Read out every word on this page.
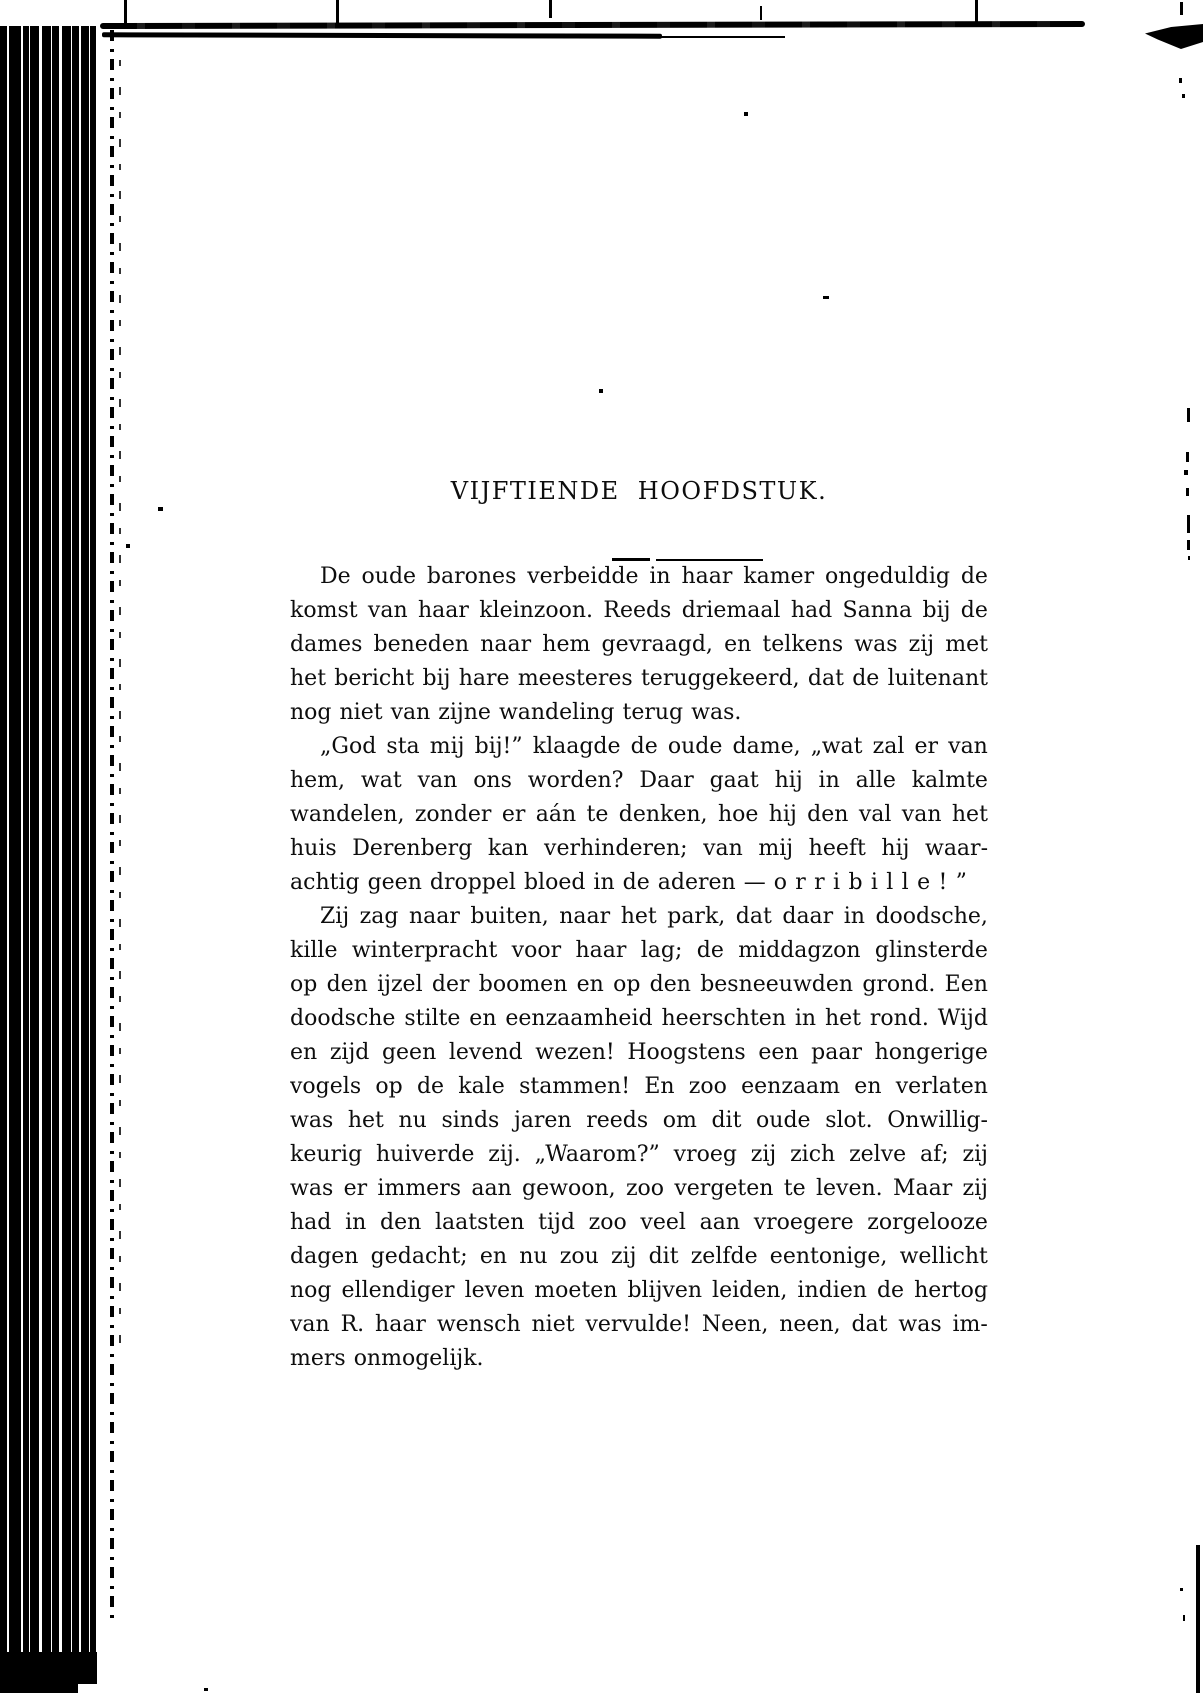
VIJFTIENDE HOOFDSTUK.
De oude barones verbeidde in haar kamer ongeduldig de
komst van haar kleinzoon. Reeds driemaal had Sanna bij de
dames beneden naar hem gevraagd, en telkens was zij met
het bericht bij hare meesteres teruggekeerd, dat de luitenant
nog niet van zijne wandeling terug was.
„God sta mij bij!” klaagde de oude dame, „wat zal er van
hem, wat van ons worden? Daar gaat hij in alle kalmte
wandelen, zonder er aán te denken, hoe hij den val van het
huis Derenberg kan verhinderen; van mij heeft hij waar-
achtig geen droppel bloed in de aderen — orribille!”
Zij zag naar buiten, naar het park, dat daar in doodsche,
kille winterpracht voor haar lag; de middagzon glinsterde
op den ijzel der boomen en op den besneeuwden grond. Een
doodsche stilte en eenzaamheid heerschten in het rond. Wijd
en zijd geen levend wezen! Hoogstens een paar hongerige
vogels op de kale stammen! En zoo eenzaam en verlaten
was het nu sinds jaren reeds om dit oude slot. Onwillig-
keurig huiverde zij. „Waarom?” vroeg zij zich zelve af; zij
was er immers aan gewoon, zoo vergeten te leven. Maar zij
had in den laatsten tijd zoo veel aan vroegere zorgelooze
dagen gedacht; en nu zou zij dit zelfde eentonige, wellicht
nog ellendiger leven moeten blijven leiden, indien de hertog
van R. haar wensch niet vervulde! Neen, neen, dat was im-
mers onmogelijk.
